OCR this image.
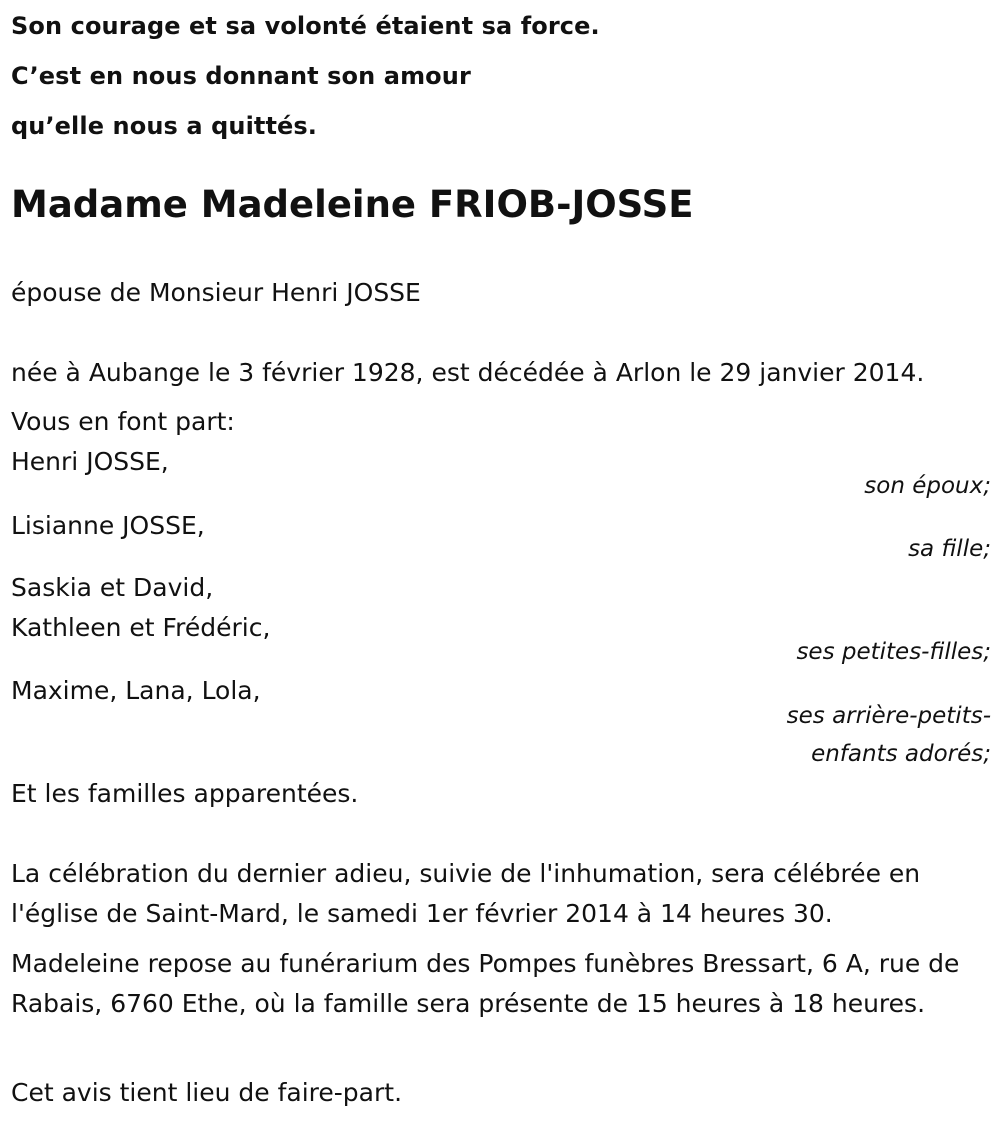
Son courage et sa volonté étaient sa force.

C’est en nous donnant son amour

qu’elle nous a quittés.

Madame Madeleine FRIOB-JOSSE

épouse de Monsieur Henri JOSSE

née à Aubange le 3 février 1928, est décédée à Arlon le 29 janvier 2014.

Vous en font part:

Henri JOSSE,

son époux;

Lisianne JOSSE,

sa fille;

Saskia et David,

Kathleen et Frédéric,

ses petites-filles;

Maxime, Lana, Lola,

ses arrière-petits-
enfants adorés;

Et les familles apparentées.

La célébration du dernier adieu, suivie de l'inhumation, sera célébrée en l'église de Saint-Mard, le samedi 1er février 2014 à 14 heures 30.

Madeleine repose au funérarium des Pompes funèbres Bressart, 6 A, rue de Rabais, 6760 Ethe, où la famille sera présente de 15 heures à 18 heures.

Cet avis tient lieu de faire-part.
